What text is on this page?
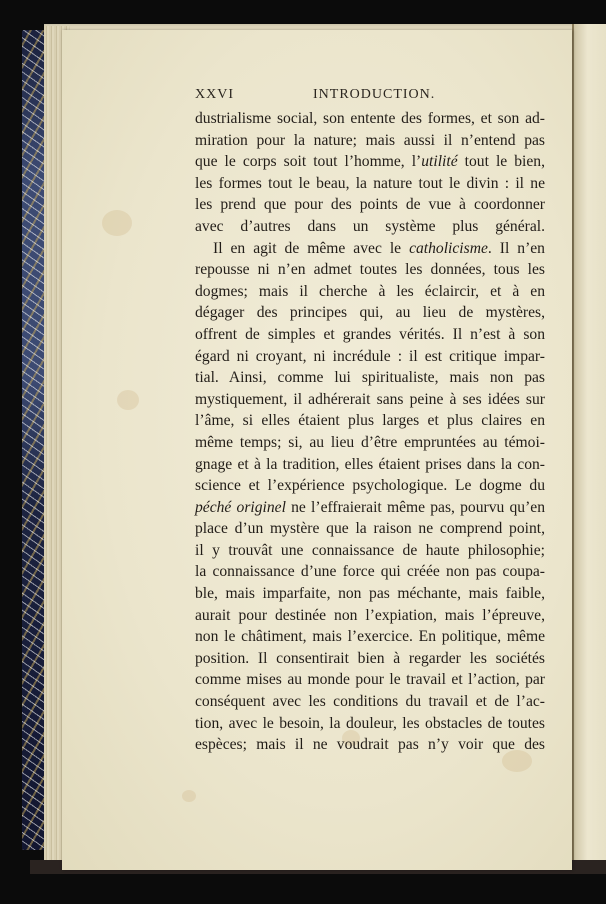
XXVI	INTRODUCTION.
dustrialisme social, son entente des formes, et son ad-
miration pour la nature; mais aussi il n’entend pas
que le corps soit tout l’homme, l’utilité tout le bien,
les formes tout le beau, la nature tout le divin : il ne
les prend que pour des points de vue à coordonner
avec d’autres dans un système plus général.
Il en agit de même avec le catholicisme. Il n’en
repousse ni n’en admet toutes les données, tous les
dogmes; mais il cherche à les éclaircir, et à en
dégager des principes qui, au lieu de mystères,
offrent de simples et grandes vérités. Il n’est à son
égard ni croyant, ni incrédule : il est critique impar-
tial. Ainsi, comme lui spiritualiste, mais non pas
mystiquement, il adhérerait sans peine à ses idées sur
l’âme, si elles étaient plus larges et plus claires en
même temps; si, au lieu d’être empruntées au témoi-
gnage et à la tradition, elles étaient prises dans la con-
science et l’expérience psychologique. Le dogme du
péché originel ne l’effraierait même pas, pourvu qu’en
place d’un mystère que la raison ne comprend point,
il y trouvât une connaissance de haute philosophie;
la connaissance d’une force qui créée non pas coupa-
ble, mais imparfaite, non pas méchante, mais faible,
aurait pour destinée non l’expiation, mais l’épreuve,
non le châtiment, mais l’exercice. En politique, même
position. Il consentirait bien à regarder les sociétés
comme mises au monde pour le travail et l’action, par
conséquent avec les conditions du travail et de l’ac-
tion, avec le besoin, la douleur, les obstacles de toutes
espèces; mais il ne voudrait pas n’y voir que des
